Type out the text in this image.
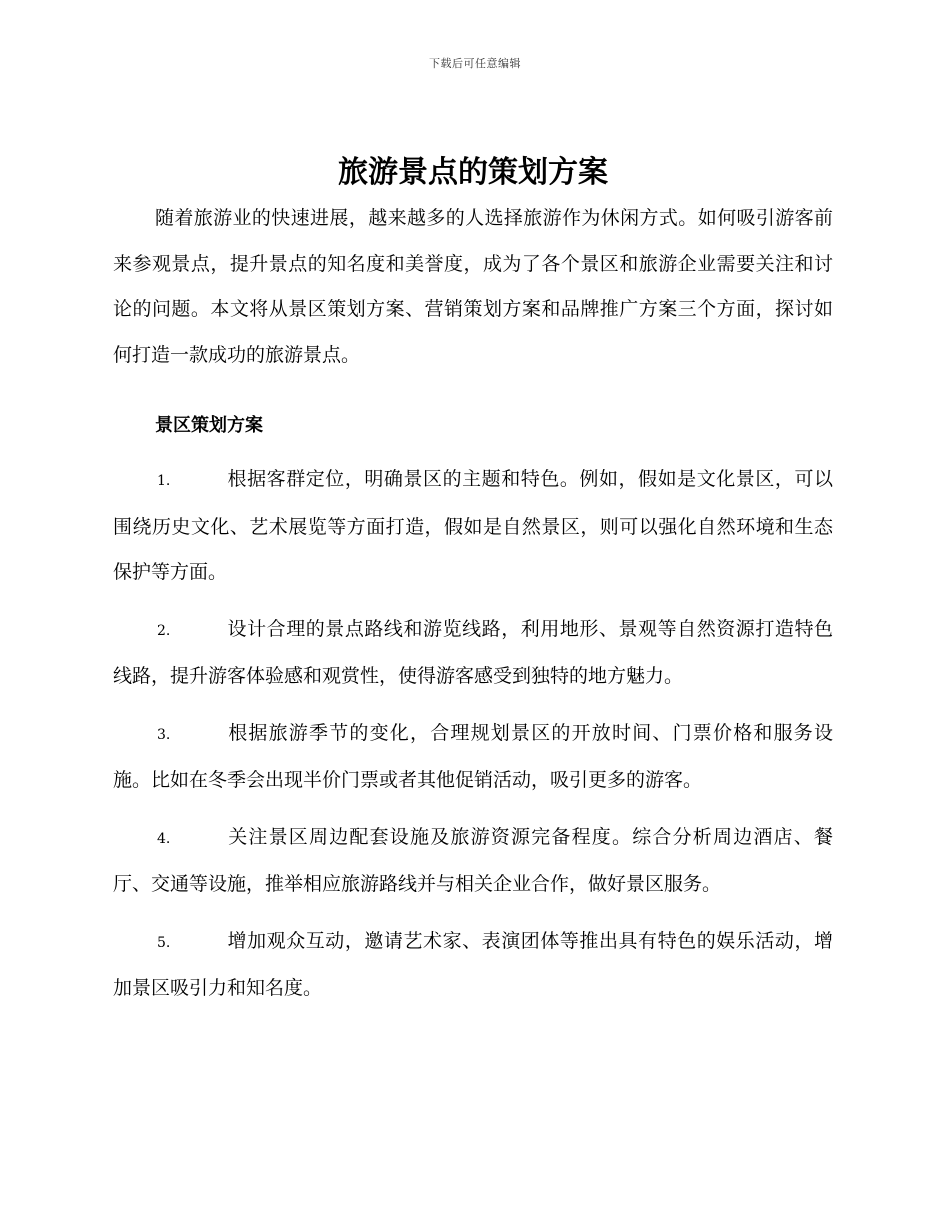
下载后可任意编辑
旅游景点的策划方案

随着旅游业的快速进展，越来越多的人选择旅游作为休闲方式。如何吸引游客前来参观景点，提升景点的知名度和美誉度，成为了各个景区和旅游企业需要关注和讨论的问题。本文将从景区策划方案、营销策划方案和品牌推广方案三个方面，探讨如何打造一款成功的旅游景点。

景区策划方案

1.	根据客群定位，明确景区的主题和特色。例如，假如是文化景区，可以围绕历史文化、艺术展览等方面打造，假如是自然景区，则可以强化自然环境和生态保护等方面。

2.	设计合理的景点路线和游览线路，利用地形、景观等自然资源打造特色线路，提升游客体验感和观赏性，使得游客感受到独特的地方魅力。

3.	根据旅游季节的变化，合理规划景区的开放时间、门票价格和服务设施。比如在冬季会出现半价门票或者其他促销活动，吸引更多的游客。

4.	关注景区周边配套设施及旅游资源完备程度。综合分析周边酒店、餐厅、交通等设施，推举相应旅游路线并与相关企业合作，做好景区服务。

5.	增加观众互动，邀请艺术家、表演团体等推出具有特色的娱乐活动，增加景区吸引力和知名度。
